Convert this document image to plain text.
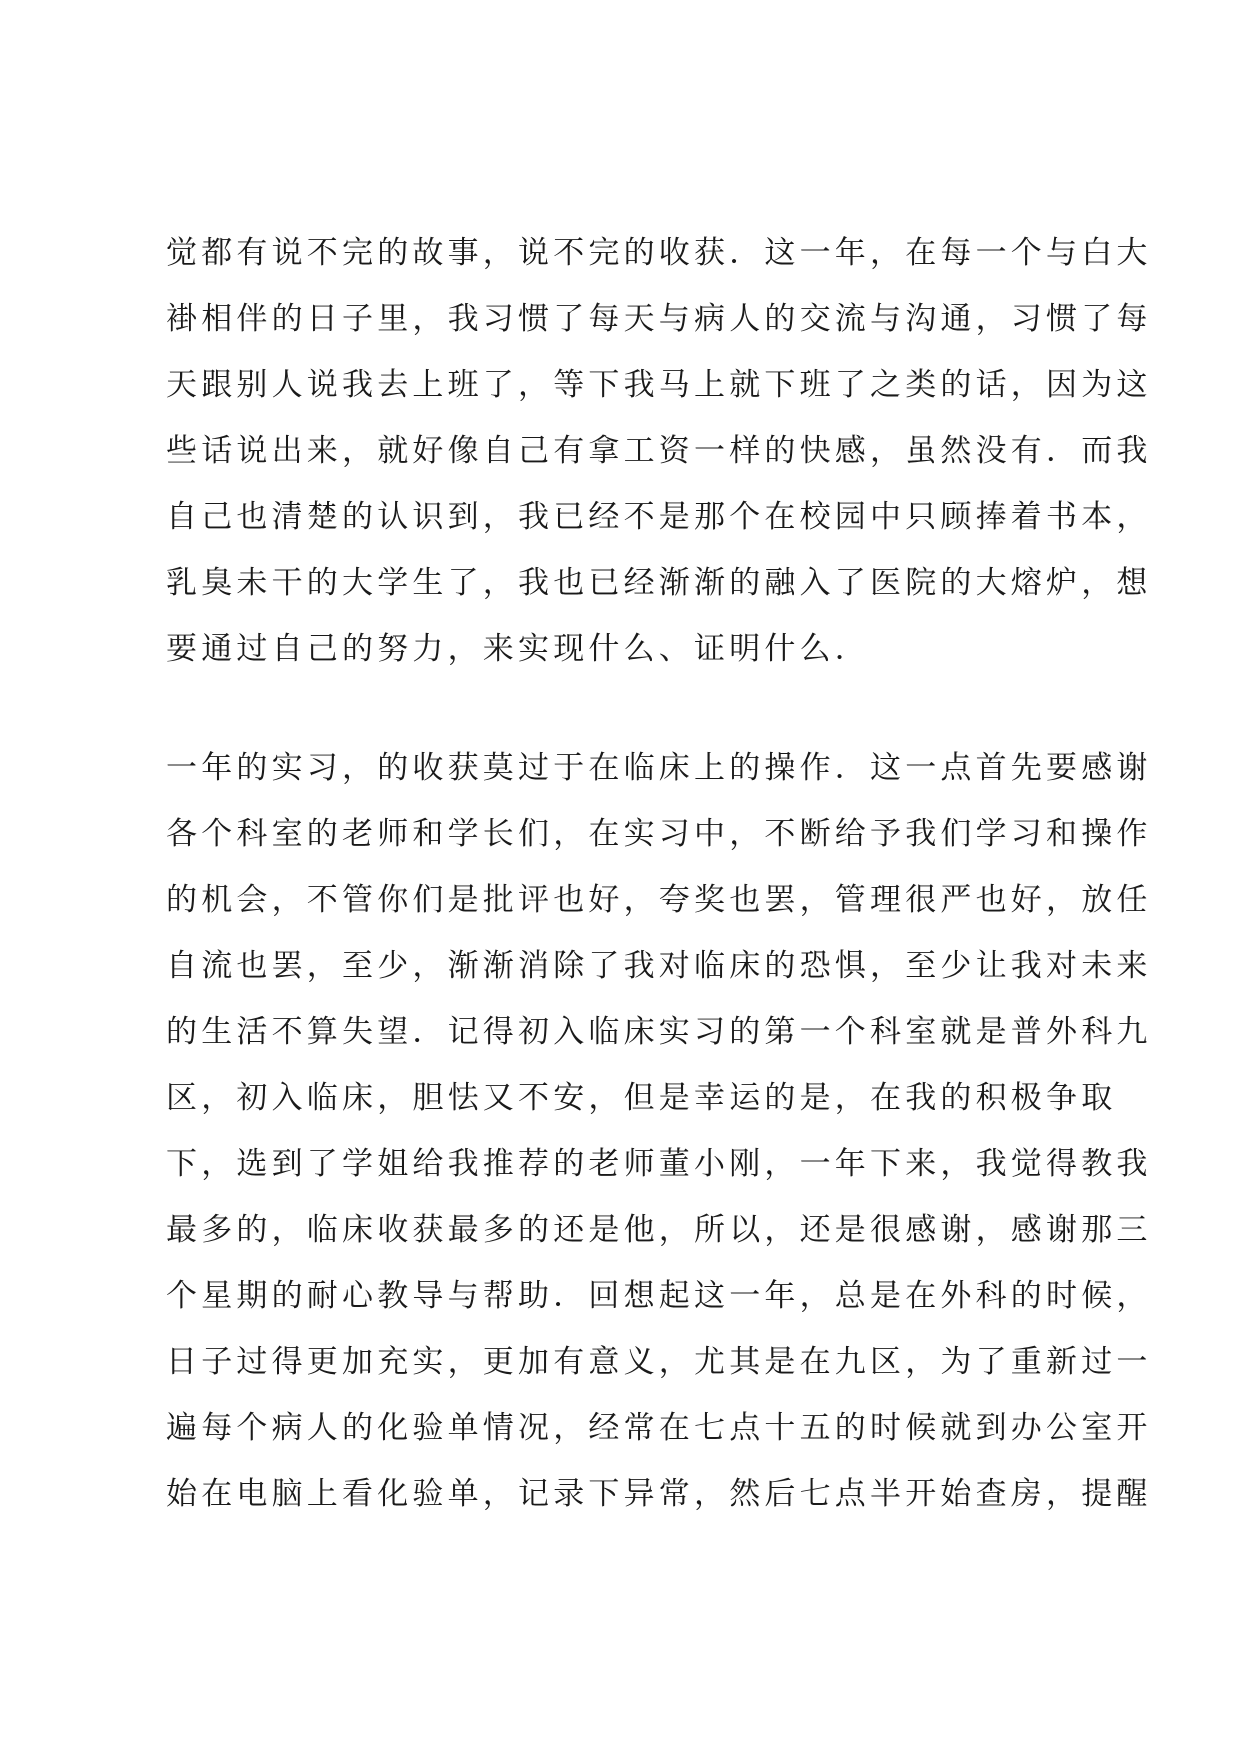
觉都有说不完的故事，说不完的收获．这一年，在每一个与白大
褂相伴的日子里，我习惯了每天与病人的交流与沟通，习惯了每
天跟别人说我去上班了，等下我马上就下班了之类的话，因为这
些话说出来，就好像自己有拿工资一样的快感，虽然没有．而我
自己也清楚的认识到，我已经不是那个在校园中只顾捧着书本，
乳臭未干的大学生了，我也已经渐渐的融入了医院的大熔炉，想
要通过自己的努力，来实现什么、证明什么．
一年的实习，的收获莫过于在临床上的操作．这一点首先要感谢
各个科室的老师和学长们，在实习中，不断给予我们学习和操作
的机会，不管你们是批评也好，夸奖也罢，管理很严也好，放任
自流也罢，至少，渐渐消除了我对临床的恐惧，至少让我对未来
的生活不算失望．记得初入临床实习的第一个科室就是普外科九
区，初入临床，胆怯又不安，但是幸运的是，在我的积极争取
下，选到了学姐给我推荐的老师董小刚，一年下来，我觉得教我
最多的，临床收获最多的还是他，所以，还是很感谢，感谢那三
个星期的耐心教导与帮助．回想起这一年，总是在外科的时候，
日子过得更加充实，更加有意义，尤其是在九区，为了重新过一
遍每个病人的化验单情况，经常在七点十五的时候就到办公室开
始在电脑上看化验单，记录下异常，然后七点半开始查房，提醒
